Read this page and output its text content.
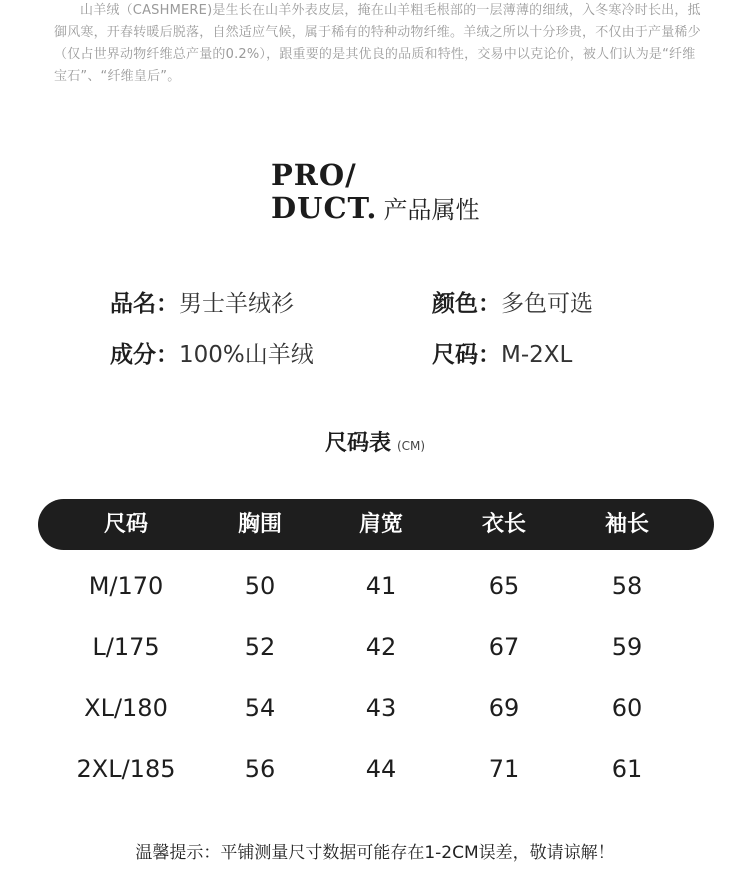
山羊绒（CASHMERE)是生长在山羊外表皮层，掩在山羊粗毛根部的一层薄薄的细绒，入冬寒冷时长出，抵御风寒，开春转暖后脱落，自然适应气候，属于稀有的特种动物纤维。羊绒之所以十分珍贵，不仅由于产量稀少（仅占世界动物纤维总产量的0.2%），跟重要的是其优良的品质和特性，交易中以克论价，被人们认为是“纤维宝石”、“纤维皇后”。

PRO/
DUCT. 产品属性
品名：男士羊绒衫	颜色：多色可选
成分：100%山羊绒	尺码：M-2XL
尺码表 (CM)
尺码	胸围	肩宽	衣长	袖长
M/170	50	41	65	58
L/175	52	42	67	59
XL/180	54	43	69	60
2XL/185	56	44	71	61
温馨提示：平铺测量尺寸数据可能存在1-2CM误差，敬请谅解！
